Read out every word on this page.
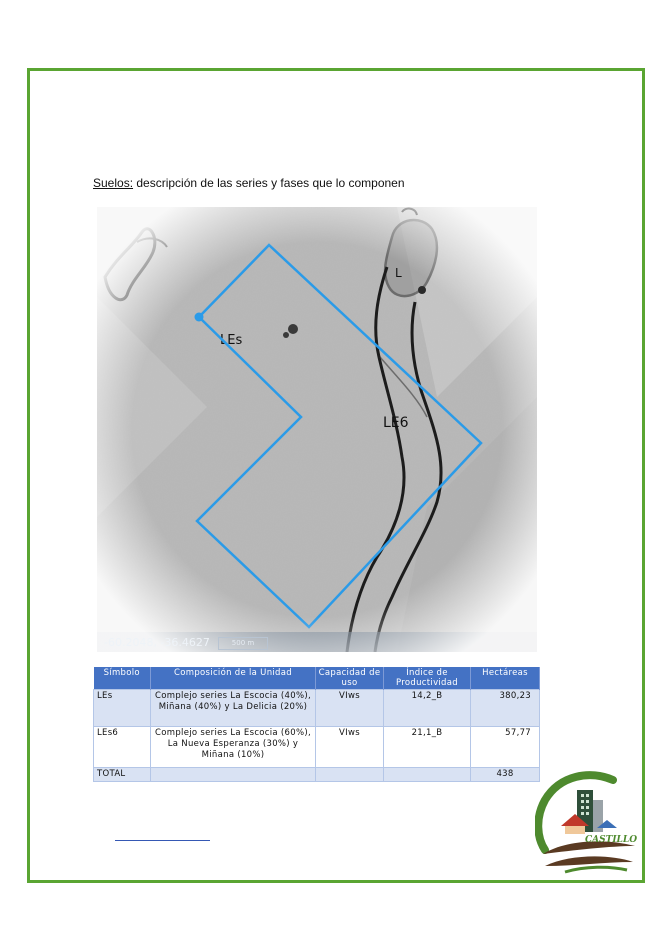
Suelos: descripción de las series y fases que lo componen
-60.2048, -36.4627	500 m
Símbolo	Composición de la Unidad	Capacidad de uso	Índice de Productividad	Hectáreas
LEs	Complejo series La Escocia (40%), Miñana (40%) y La Delicia (20%)	VIws	14,2_B	380,23
LEs6	Complejo series La Escocia (60%), La Nueva Esperanza (30%) y Miñana (10%)	VIws	21,1_B	57,77
TOTAL				438
CASTILLO
